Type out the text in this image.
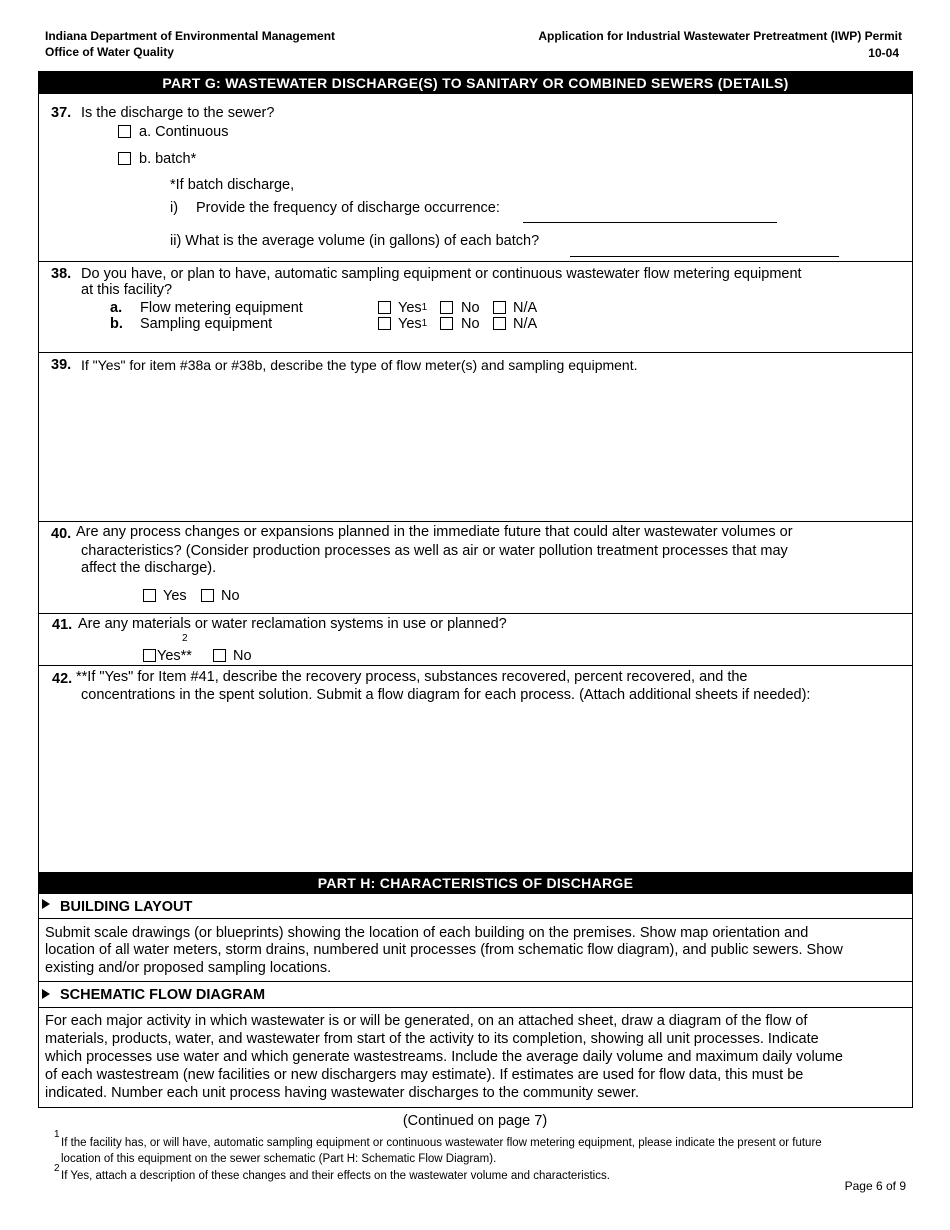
Indiana Department of Environmental Management
Office of Water Quality
Application for Industrial Wastewater Pretreatment (IWP) Permit
10-04
PART G: WASTEWATER DISCHARGE(S) TO SANITARY OR COMBINED SEWERS (DETAILS)
37. Is the discharge to the sewer?
a. Continuous
b. batch*
*If batch discharge,
i) Provide the frequency of discharge occurrence:
ii) What is the average volume (in gallons) of each batch?
38. Do you have, or plan to have, automatic sampling equipment or continuous wastewater flow metering equipment
at this facility?
a. Flow metering equipment
b. Sampling equipment
Yes$^1$ No N/A
Yes$^1$ No N/A
39. If "Yes" for item #38a or #38b, describe the type of flow meter(s) and sampling equipment.
40. Are any process changes or expansions planned in the immediate future that could alter wastewater volumes or
characteristics? (Consider production processes as well as air or water pollution treatment processes that may
affect the discharge).
Yes No
41. Are any materials or water reclamation systems in use or planned?
2
Yes**	No
42. **If "Yes" for Item #41, describe the recovery process, substances recovered, percent recovered, and the
concentrations in the spent solution. Submit a flow diagram for each process. (Attach additional sheets if needed):
PART H: CHARACTERISTICS OF DISCHARGE
BUILDING LAYOUT
Submit scale drawings (or blueprints) showing the location of each building on the premises. Show map orientation and
location of all water meters, storm drains, numbered unit processes (from schematic flow diagram), and public sewers. Show
existing and/or proposed sampling locations.
SCHEMATIC FLOW DIAGRAM
For each major activity in which wastewater is or will be generated, on an attached sheet, draw a diagram of the flow of
materials, products, water, and wastewater from start of the activity to its completion, showing all unit processes. Indicate
which processes use water and which generate wastestreams. Include the average daily volume and maximum daily volume
of each wastestream (new facilities or new dischargers may estimate). If estimates are used for flow data, this must be
indicated. Number each unit process having wastewater discharges to the community sewer.
(Continued on page 7)
1
If the facility has, or will have, automatic sampling equipment or continuous wastewater flow metering equipment, please indicate the present or future
location of this equipment on the sewer schematic (Part H: Schematic Flow Diagram).
2
If Yes, attach a description of these changes and their effects on the wastewater volume and characteristics.
Page 6 of 9
